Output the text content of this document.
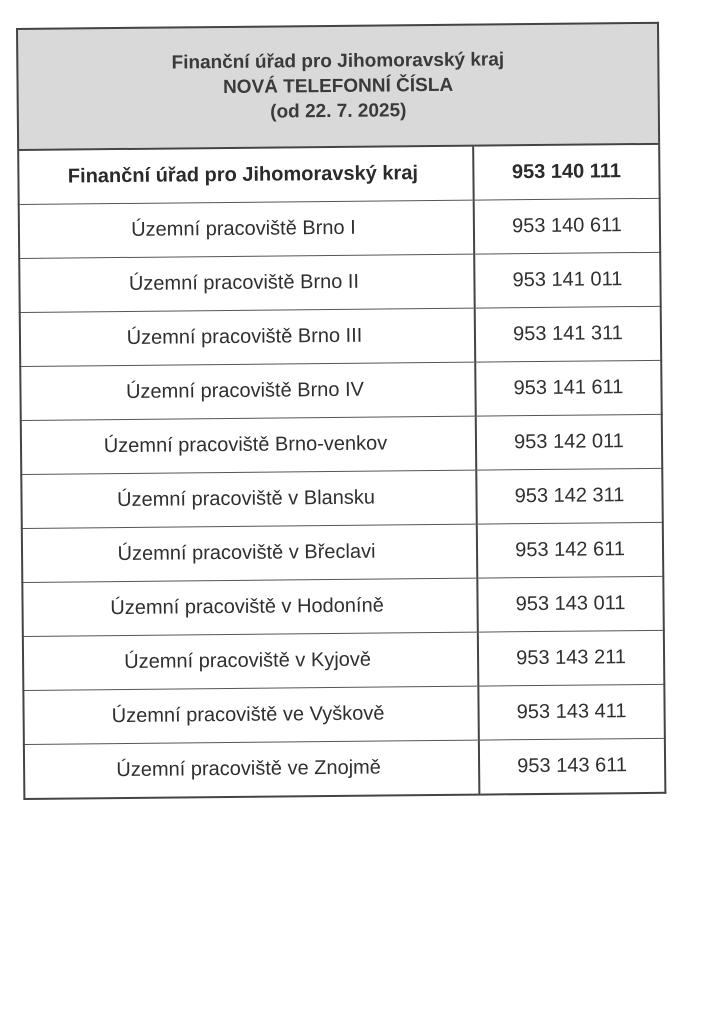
Finanční úřad pro Jihomoravský kraj
NOVÁ TELEFONNÍ ČÍSLA
(od 22. 7. 2025)
Finanční úřad pro Jihomoravský kraj	953 140 111
Územní pracoviště Brno I	953 140 611
Územní pracoviště Brno II	953 141 011
Územní pracoviště Brno III	953 141 311
Územní pracoviště Brno IV	953 141 611
Územní pracoviště Brno-venkov	953 142 011
Územní pracoviště v Blansku	953 142 311
Územní pracoviště v Břeclavi	953 142 611
Územní pracoviště v Hodoníně	953 143 011
Územní pracoviště v Kyjově	953 143 211
Územní pracoviště ve Vyškově	953 143 411
Územní pracoviště ve Znojmě	953 143 611
